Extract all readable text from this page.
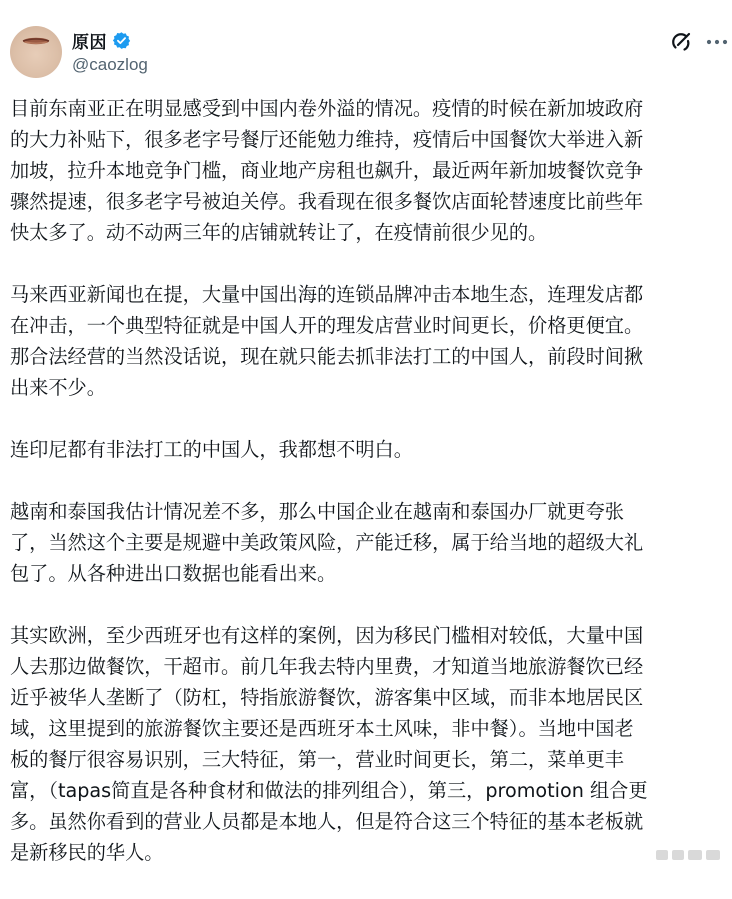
原因
@caozlog
目前东南亚正在明显感受到中国内卷外溢的情况。疫情的时候在新加坡政府
的大力补贴下，很多老字号餐厅还能勉力维持，疫情后中国餐饮大举进入新
加坡，拉升本地竞争门槛，商业地产房租也飙升，最近两年新加坡餐饮竞争
骤然提速，很多老字号被迫关停。我看现在很多餐饮店面轮替速度比前些年
快太多了。动不动两三年的店铺就转让了，在疫情前很少见的。
马来西亚新闻也在提，大量中国出海的连锁品牌冲击本地生态，连理发店都
在冲击，一个典型特征就是中国人开的理发店营业时间更长，价格更便宜。
那合法经营的当然没话说，现在就只能去抓非法打工的中国人，前段时间揪
出来不少。
连印尼都有非法打工的中国人，我都想不明白。
越南和泰国我估计情况差不多，那么中国企业在越南和泰国办厂就更夸张
了，当然这个主要是规避中美政策风险，产能迁移，属于给当地的超级大礼
包了。从各种进出口数据也能看出来。
其实欧洲，至少西班牙也有这样的案例，因为移民门槛相对较低，大量中国
人去那边做餐饮，干超市。前几年我去特内里费，才知道当地旅游餐饮已经
近乎被华人垄断了（防杠，特指旅游餐饮，游客集中区域，而非本地居民区
域，这里提到的旅游餐饮主要还是西班牙本土风味，非中餐）。当地中国老
板的餐厅很容易识别，三大特征，第一，营业时间更长，第二，菜单更丰
富，（tapas简直是各种食材和做法的排列组合），第三，promotion 组合更
多。虽然你看到的营业人员都是本地人，但是符合这三个特征的基本老板就
是新移民的华人。
